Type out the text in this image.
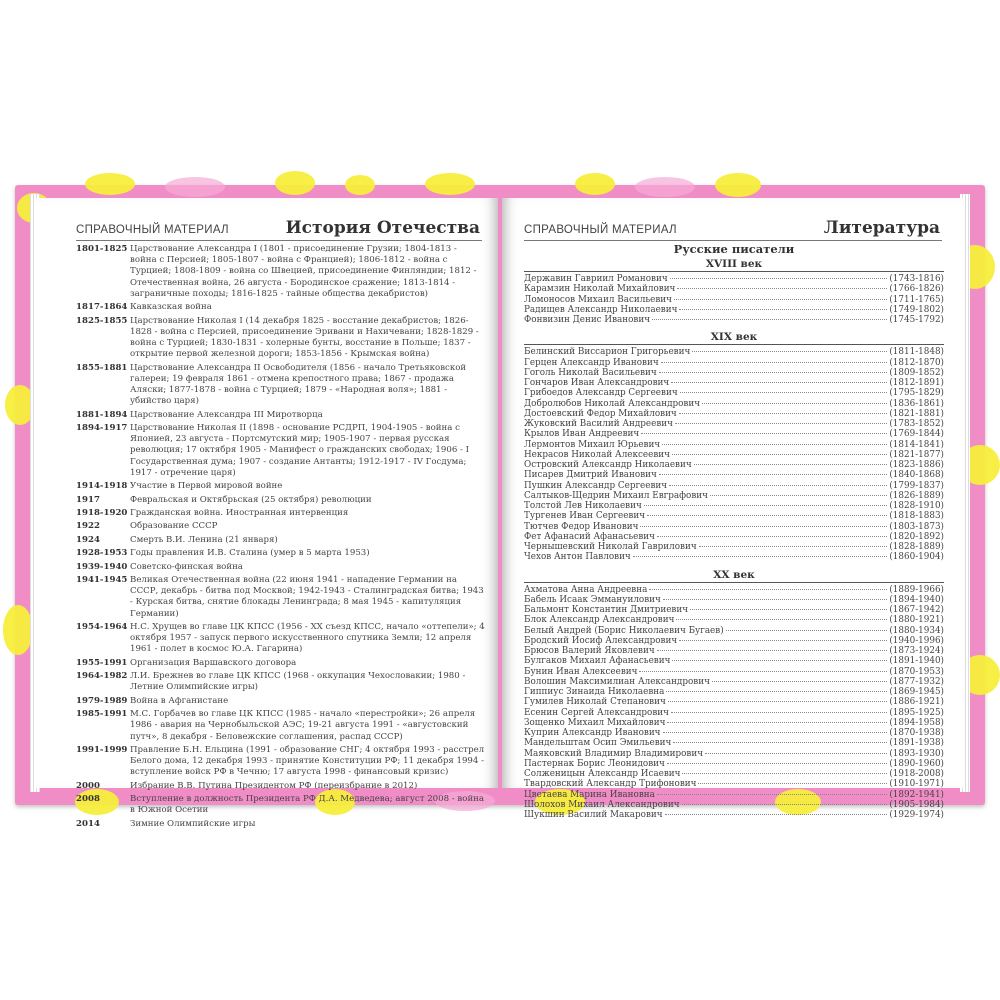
СПРАВОЧНЫЙ МАТЕРИАЛ	История Отечества
1801-1825 Царствование Александра I (1801 - присоединение Грузии; 1804-1813 - война с Персией; 1805-1807 - война с Францией); 1806-1812 - война с Турцией; 1808-1809 - война со Швецией, присоединение Финляндии; 1812 - Отечественная война, 26 августа - Бородинское сражение; 1813-1814 - заграничные походы; 1816-1825 - тайные общества декабристов)
1817-1864 Кавказская война
1825-1855 Царствование Николая I (14 декабря 1825 - восстание декабристов; 1826-1828 - война с Персией, присоединение Эривани и Нахичевани; 1828-1829 - война с Турцией; 1830-1831 - холерные бунты, восстание в Польше; 1837 - открытие первой железной дороги; 1853-1856 - Крымская война)
1855-1881 Царствование Александра II Освободителя (1856 - начало Третьяковской галереи; 19 февраля 1861 - отмена крепостного права; 1867 - продажа Аляски; 1877-1878 - война с Турцией; 1879 - «Народная воля»; 1881 - убийство царя)
1881-1894 Царствование Александра III Миротворца
1894-1917 Царствование Николая II (1898 - основание РСДРП, 1904-1905 - война с Японией, 23 августа - Портсмутский мир; 1905-1907 - первая русская революция; 17 октября 1905 - Манифест о гражданских свободах; 1906 - I Государственная дума; 1907 - создание Антанты; 1912-1917 - IV Госдума; 1917 - отречение царя)
1914-1918 Участие в Первой мировой войне
1917	Февральская и Октябрьская (25 октября) революции
1918-1920 Гражданская война. Иностранная интервенция
1922	Образование СССР
1924	Смерть В.И. Ленина (21 января)
1928-1953 Годы правления И.В. Сталина (умер в 5 марта 1953)
1939-1940 Советско-финская война
1941-1945 Великая Отечественная война (22 июня 1941 - нападение Германии на СССР, декабрь - битва под Москвой; 1942-1943 - Сталинградская битва; 1943 - Курская битва, снятие блокады Ленинграда; 8 мая 1945 - капитуляция Германии)
1954-1964 Н.С. Хрущев во главе ЦК КПСС (1956 - XX съезд КПСС, начало «оттепели»; 4 октября 1957 - запуск первого искусственного спутника Земли; 12 апреля 1961 - полет в космос Ю.А. Гагарина)
1955-1991 Организация Варшавского договора
1964-1982 Л.И. Брежнев во главе ЦК КПСС (1968 - оккупация Чехословакии; 1980 - Летние Олимпийские игры)
1979-1989 Война в Афганистане
1985-1991 М.С. Горбачев во главе ЦК КПСС (1985 - начало «перестройки»; 26 апреля 1986 - авария на Чернобыльской АЭС; 19-21 августа 1991 - «августовский путч», 8 декабря - Беловежские соглашения, распад СССР)
1991-1999 Правление Б.Н. Ельцина (1991 - образование СНГ; 4 октября 1993 - расстрел Белого дома, 12 декабря 1993 - принятие Конституции РФ; 11 декабря 1994 - вступление войск РФ в Чечню; 17 августа 1998 - финансовый кризис)
2000	Избрание В.В. Путина Президентом РФ (переизбрание в 2012)
2008	Вступление в должность Президента РФ Д.А. Медведева; август 2008 - война в Южной Осетии
2014	Зимние Олимпийские игры
СПРАВОЧНЫЙ МАТЕРИАЛ	Литература
Русские писатели
XVIII век
Державин Гавриил Романович	(1743-1816)
Карамзин Николай Михайлович	(1766-1826)
Ломоносов Михаил Васильевич	(1711-1765)
Радищев Александр Николаевич	(1749-1802)
Фонвизин Денис Иванович	(1745-1792)
XIX век
Белинский Виссарион Григорьевич	(1811-1848)
Герцен Александр Иванович	(1812-1870)
Гоголь Николай Васильевич	(1809-1852)
Гончаров Иван Александрович	(1812-1891)
Грибоедов Александр Сергеевич	(1795-1829)
Добролюбов Николай Александрович	(1836-1861)
Достоевский Федор Михайлович	(1821-1881)
Жуковский Василий Андреевич	(1783-1852)
Крылов Иван Андреевич	(1769-1844)
Лермонтов Михаил Юрьевич	(1814-1841)
Некрасов Николай Алексеевич	(1821-1877)
Островский Александр Николаевич	(1823-1886)
Писарев Дмитрий Иванович	(1840-1868)
Пушкин Александр Сергеевич	(1799-1837)
Салтыков-Щедрин Михаил Евграфович	(1826-1889)
Толстой Лев Николаевич	(1828-1910)
Тургенев Иван Сергеевич	(1818-1883)
Тютчев Федор Иванович	(1803-1873)
Фет Афанасий Афанасьевич	(1820-1892)
Чернышевский Николай Гаврилович	(1828-1889)
Чехов Антон Павлович	(1860-1904)
XX век
Ахматова Анна Андреевна	(1889-1966)
Бабель Исаак Эммануилович	(1894-1940)
Бальмонт Константин Дмитриевич	(1867-1942)
Блок Александр Александрович	(1880-1921)
Белый Андрей (Борис Николаевич Бугаев)	(1880-1934)
Бродский Иосиф Александрович	(1940-1996)
Брюсов Валерий Яковлевич	(1873-1924)
Булгаков Михаил Афанасьевич	(1891-1940)
Бунин Иван Алексеевич	(1870-1953)
Волошин Максимилиан Александрович	(1877-1932)
Гиппиус Зинаида Николаевна	(1869-1945)
Гумилев Николай Степанович	(1886-1921)
Есенин Сергей Александрович	(1895-1925)
Зощенко Михаил Михайлович	(1894-1958)
Куприн Александр Иванович	(1870-1938)
Мандельштам Осип Эмильевич	(1891-1938)
Маяковский Владимир Владимирович	(1893-1930)
Пастернак Борис Леонидович	(1890-1960)
Солженицын Александр Исаевич	(1918-2008)
Твардовский Александр Трифонович	(1910-1971)
Цветаева Марина Ивановна	(1892-1941)
Шолохов Михаил Александрович	(1905-1984)
Шукшин Василий Макарович	(1929-1974)
